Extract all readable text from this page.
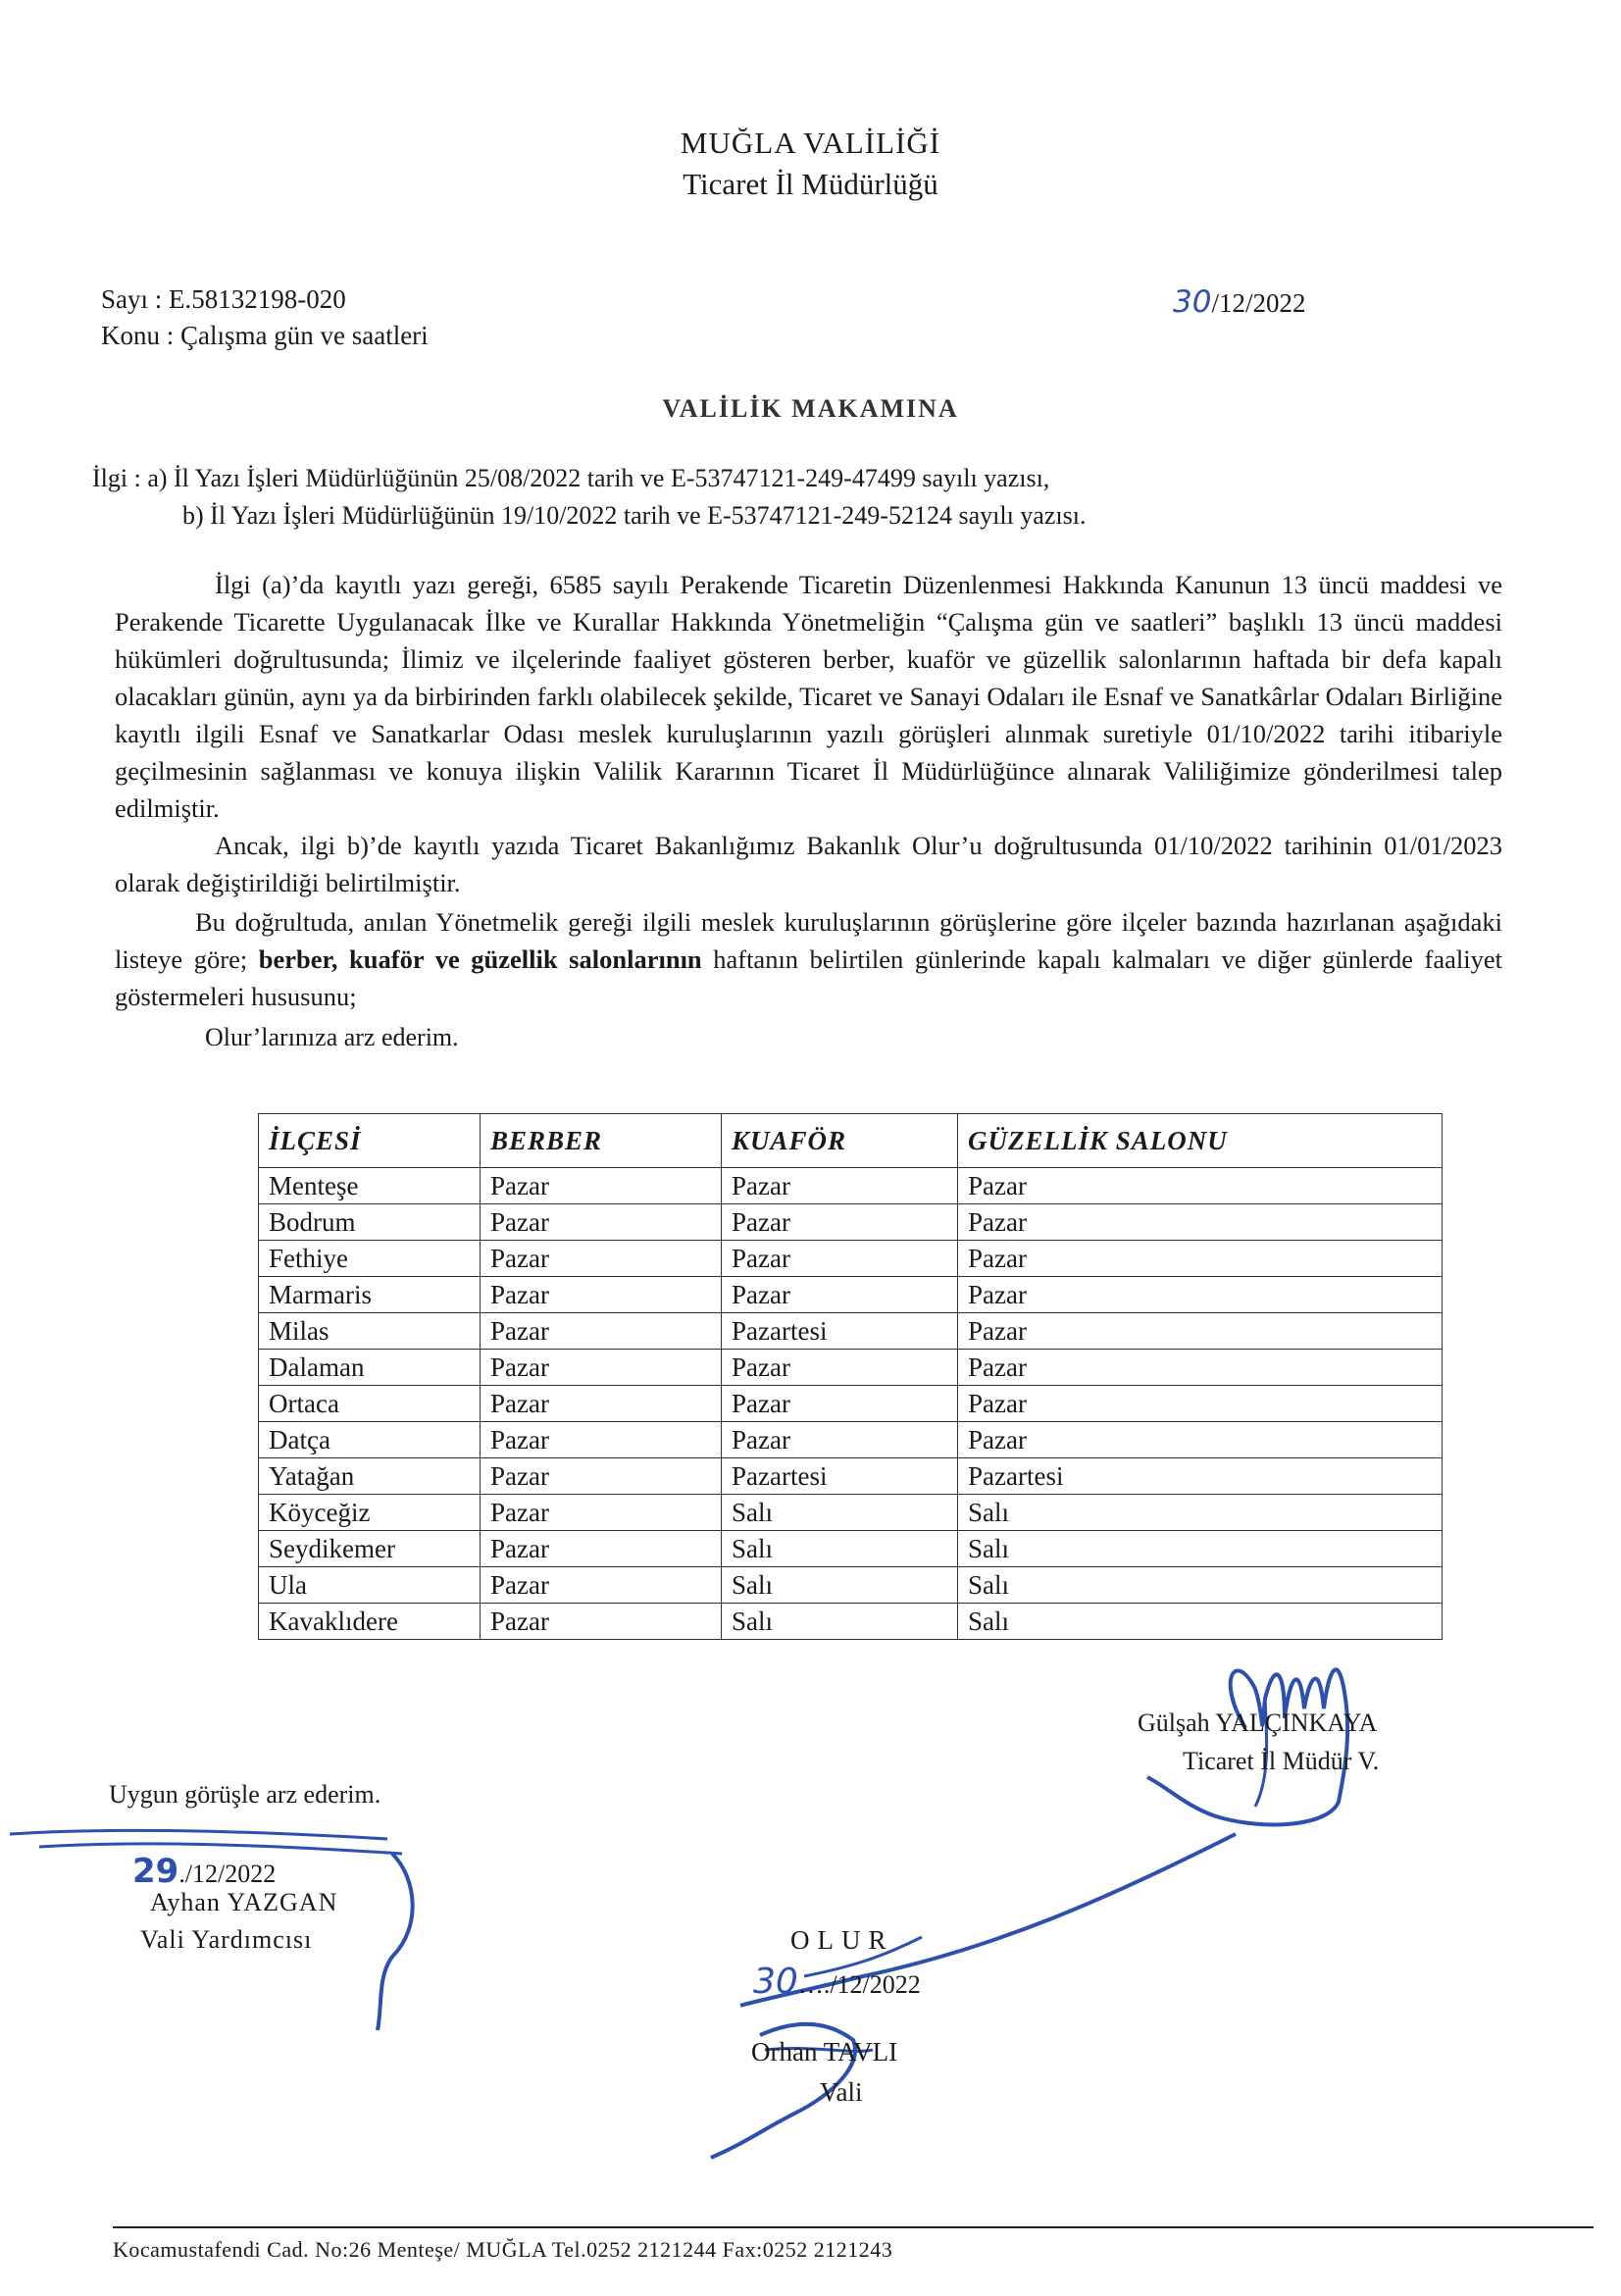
MUĞLA VALİLİĞİ
Ticaret İl Müdürlüğü
Sayı : E.58132198-020
Konu : Çalışma gün ve saatleri
30/12/2022
VALİLİK MAKAMINA
İlgi : a) İl Yazı İşleri Müdürlüğünün 25/08/2022 tarih ve E-53747121-249-47499 sayılı yazısı,
b) İl Yazı İşleri Müdürlüğünün 19/10/2022 tarih ve E-53747121-249-52124 sayılı yazısı.
İlgi (a)’da kayıtlı yazı gereği, 6585 sayılı Perakende Ticaretin Düzenlenmesi Hakkında Kanunun 13 üncü maddesi ve Perakende Ticarette Uygulanacak İlke ve Kurallar Hakkında Yönetmeliğin “Çalışma gün ve saatleri” başlıklı 13 üncü maddesi hükümleri doğrultusunda; İlimiz ve ilçelerinde faaliyet gösteren berber, kuaför ve güzellik salonlarının haftada bir defa kapalı olacakları günün, aynı ya da birbirinden farklı olabilecek şekilde, Ticaret ve Sanayi Odaları ile Esnaf ve Sanatkârlar Odaları Birliğine kayıtlı ilgili Esnaf ve Sanatkarlar Odası meslek kuruluşlarının yazılı görüşleri alınmak suretiyle 01/10/2022 tarihi itibariyle geçilmesinin sağlanması ve konuya ilişkin Valilik Kararının Ticaret İl Müdürlüğünce alınarak Valiliğimize gönderilmesi talep edilmiştir.
Ancak, ilgi b)’de kayıtlı yazıda Ticaret Bakanlığımız Bakanlık Olur’u doğrultusunda 01/10/2022 tarihinin 01/01/2023 olarak değiştirildiği belirtilmiştir.
Bu doğrultuda, anılan Yönetmelik gereği ilgili meslek kuruluşlarının görüşlerine göre ilçeler bazında hazırlanan aşağıdaki listeye göre; berber, kuaför ve güzellik salonlarının haftanın belirtilen günlerinde kapalı kalmaları ve diğer günlerde faaliyet göstermeleri hususunu;
Olur’larınıza arz ederim.
İLÇESİ	BERBER	KUAFÖR	GÜZELLİK SALONU
Menteşe	Pazar	Pazar	Pazar
Bodrum	Pazar	Pazar	Pazar
Fethiye	Pazar	Pazar	Pazar
Marmaris	Pazar	Pazar	Pazar
Milas	Pazar	Pazartesi	Pazar
Dalaman	Pazar	Pazar	Pazar
Ortaca	Pazar	Pazar	Pazar
Datça	Pazar	Pazar	Pazar
Yatağan	Pazar	Pazartesi	Pazartesi
Köyceğiz	Pazar	Salı	Salı
Seydikemer	Pazar	Salı	Salı
Ula	Pazar	Salı	Salı
Kavaklıdere	Pazar	Salı	Salı
Gülşah YALÇINKAYA
Ticaret İl Müdür V.
Uygun görüşle arz ederim.
29./12/2022
Ayhan YAZGAN
Vali Yardımcısı	OLUR
30…./12/2022
Orhan TAVLI
Vali
Kocamustafendi Cad. No:26 Menteşe/ MUĞLA Tel.0252 2121244 Fax:0252 2121243
